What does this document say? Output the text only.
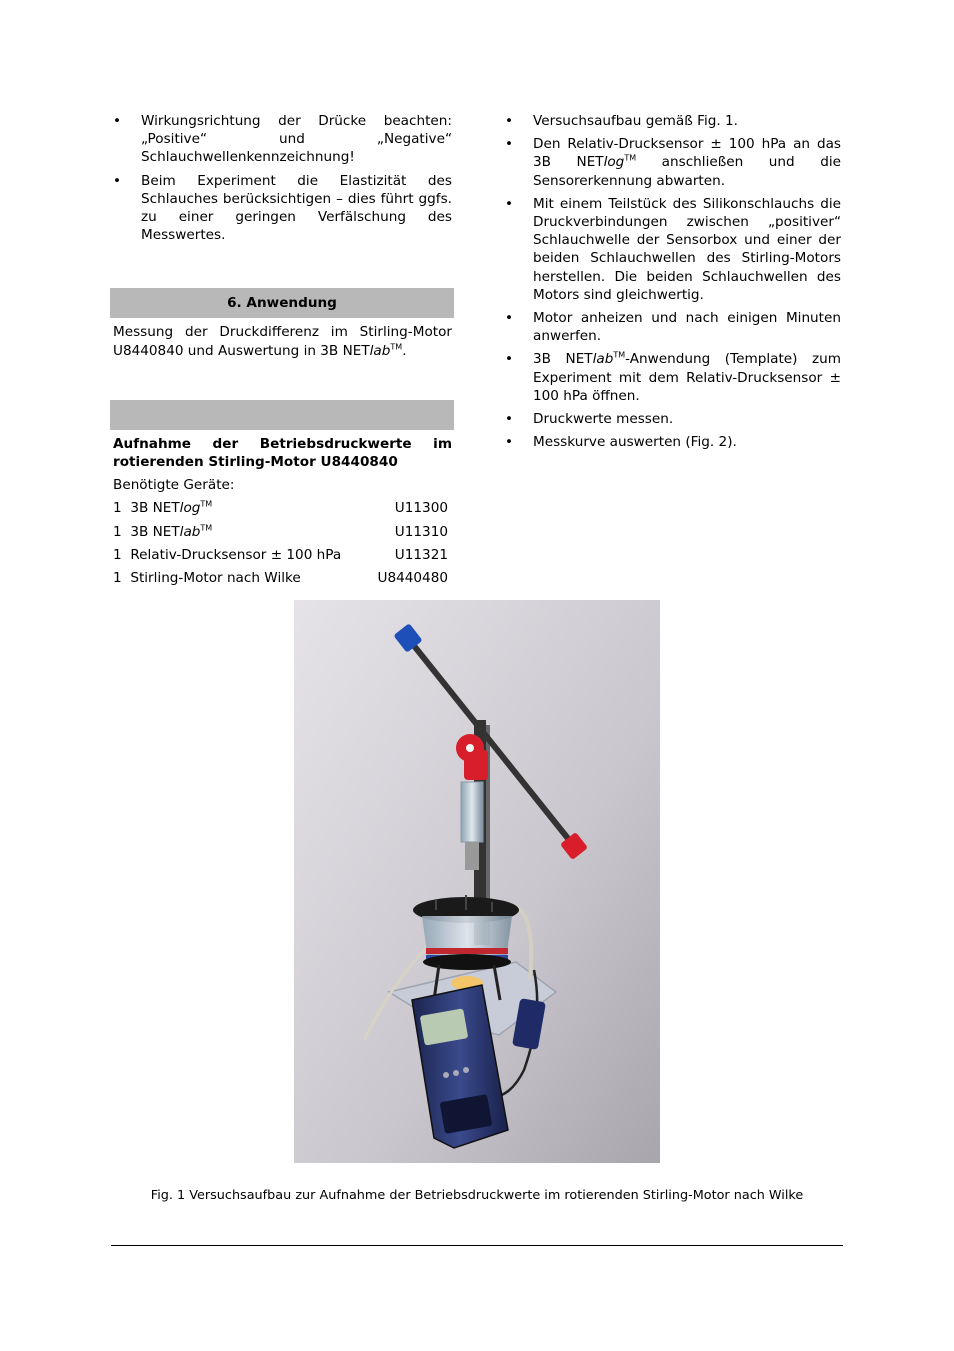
• Wirkungsrichtung der Drücke beachten: „Positive“ und „Negative“ Schlauchwellenkennzeichnung!
• Beim Experiment die Elastizität des Schlauches berücksichtigen – dies führt ggfs. zu einer geringen Verfälschung des Messwertes.
6. Anwendung
Messung der Druckdifferenz im Stirling-Motor U8440840 und Auswertung in 3B NETlab™.
Aufnahme der Betriebsdruckwerte im rotierenden Stirling-Motor U8440840
Benötigte Geräte:
1 3B NETlog™	U11300
1 3B NETlab™	U11310
1 Relativ-Drucksensor ± 100 hPa	U11321
1 Stirling-Motor nach Wilke	U8440480
• Versuchsaufbau gemäß Fig. 1.
• Den Relativ-Drucksensor ± 100 hPa an das 3B NETlog™ anschließen und die Sensorerkennung abwarten.
• Mit einem Teilstück des Silikonschlauchs die Druckverbindungen zwischen „positiver“ Schlauchwelle der Sensorbox und einer der beiden Schlauchwellen des Stirling-Motors herstellen. Die beiden Schlauchwellen des Motors sind gleichwertig.
• Motor anheizen und nach einigen Minuten anwerfen.
• 3B NETlab™-Anwendung (Template) zum Experiment mit dem Relativ-Drucksensor ± 100 hPa öffnen.
• Druckwerte messen.
• Messkurve auswerten (Fig. 2).
Fig. 1 Versuchsaufbau zur Aufnahme der Betriebsdruckwerte im rotierenden Stirling-Motor nach Wilke
